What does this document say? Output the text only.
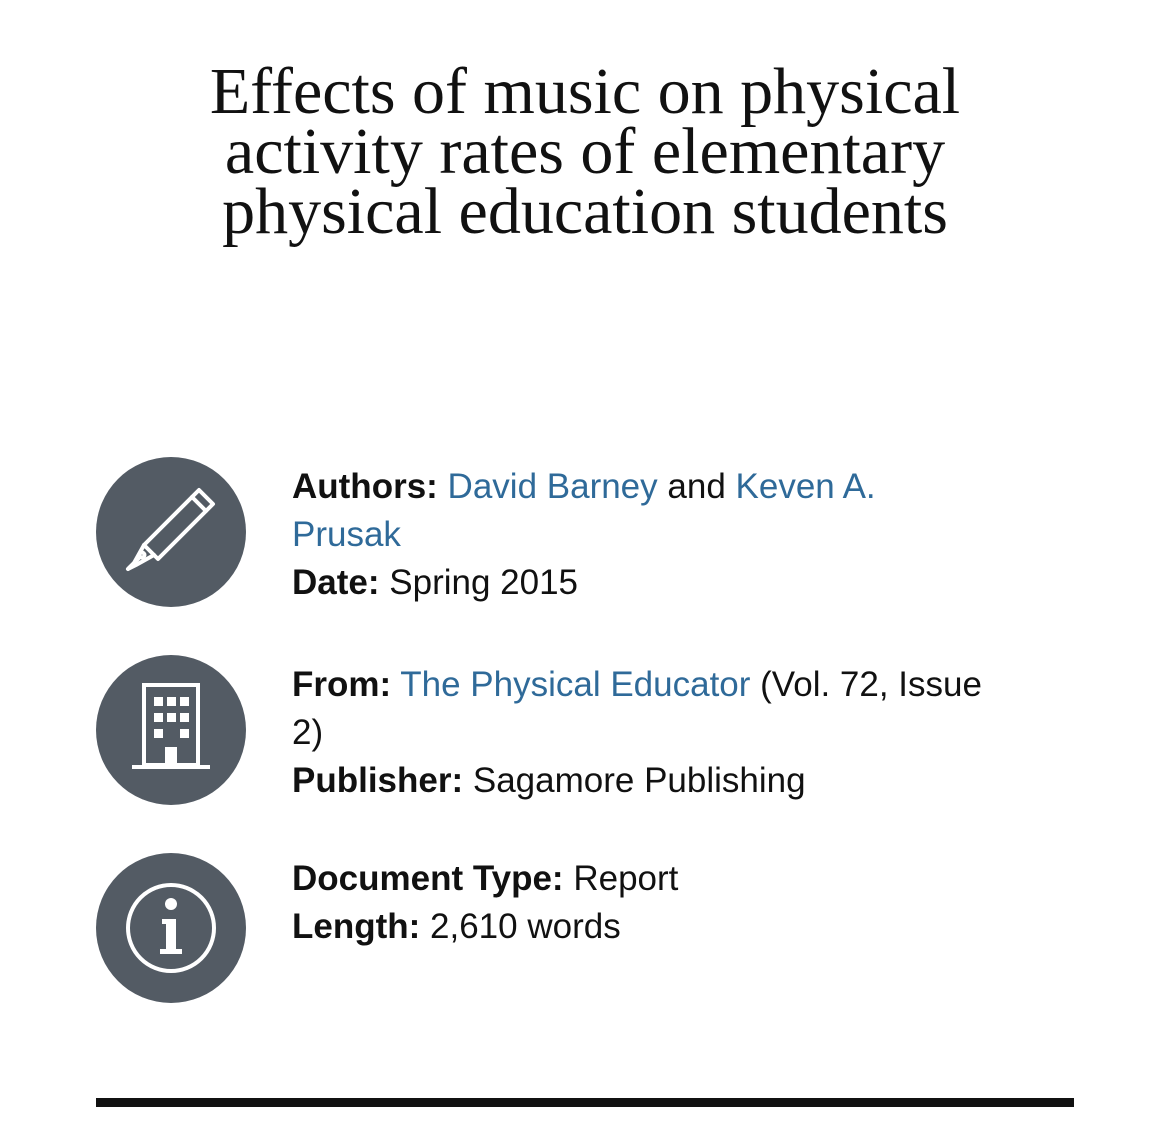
Effects of music on physical
activity rates of elementary
physical education students
Authors: David Barney and Keven A.
Prusak
Date: Spring 2015
From: The Physical Educator (Vol. 72, Issue
2)
Publisher: Sagamore Publishing
Document Type: Report
Length: 2,610 words
